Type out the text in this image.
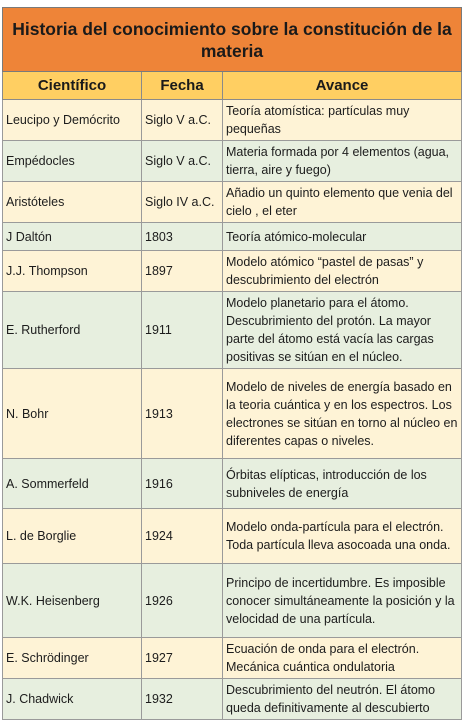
Historia del conocimiento sobre la constitución de la materia		
Científico	Fecha	Avance
Leucipo y Demócrito	Siglo V a.C.	Teoría atomística: partículas muy pequeñas
Empédocles	Siglo V a.C.	Materia formada por 4 elementos (agua, tierra, aire y fuego)
Aristóteles	Siglo IV a.C.	Añadio un quinto elemento que venia del cielo , el eter
J Daltón	1803	Teoría atómico-molecular
J.J. Thompson	1897	Modelo atómico “pastel de pasas” y descubrimiento del electrón
E. Rutherford	1911	Modelo planetario para el átomo. Descubrimiento del protón. La mayor parte del átomo está vacía las cargas positivas se sitúan en el núcleo.
N. Bohr	1913	Modelo de niveles de energía basado en la teoria cuántica y en los espectros. Los electrones se sitúan en torno al núcleo en diferentes capas o niveles.
A. Sommerfeld	1916	Órbitas elípticas, introducción de los subniveles de energía
L. de Borglie	1924	Modelo onda-partícula para el electrón. Toda partícula lleva asocoada una onda.
W.K. Heisenberg	1926	Principo de incertidumbre. Es imposible conocer simultáneamente la posición y la velocidad de una partícula.
E. Schrödinger	1927	Ecuación de onda para el electrón. Mecánica cuántica ondulatoria
J. Chadwick	1932	Descubrimiento del neutrón. El átomo queda definitivamente al descubierto
